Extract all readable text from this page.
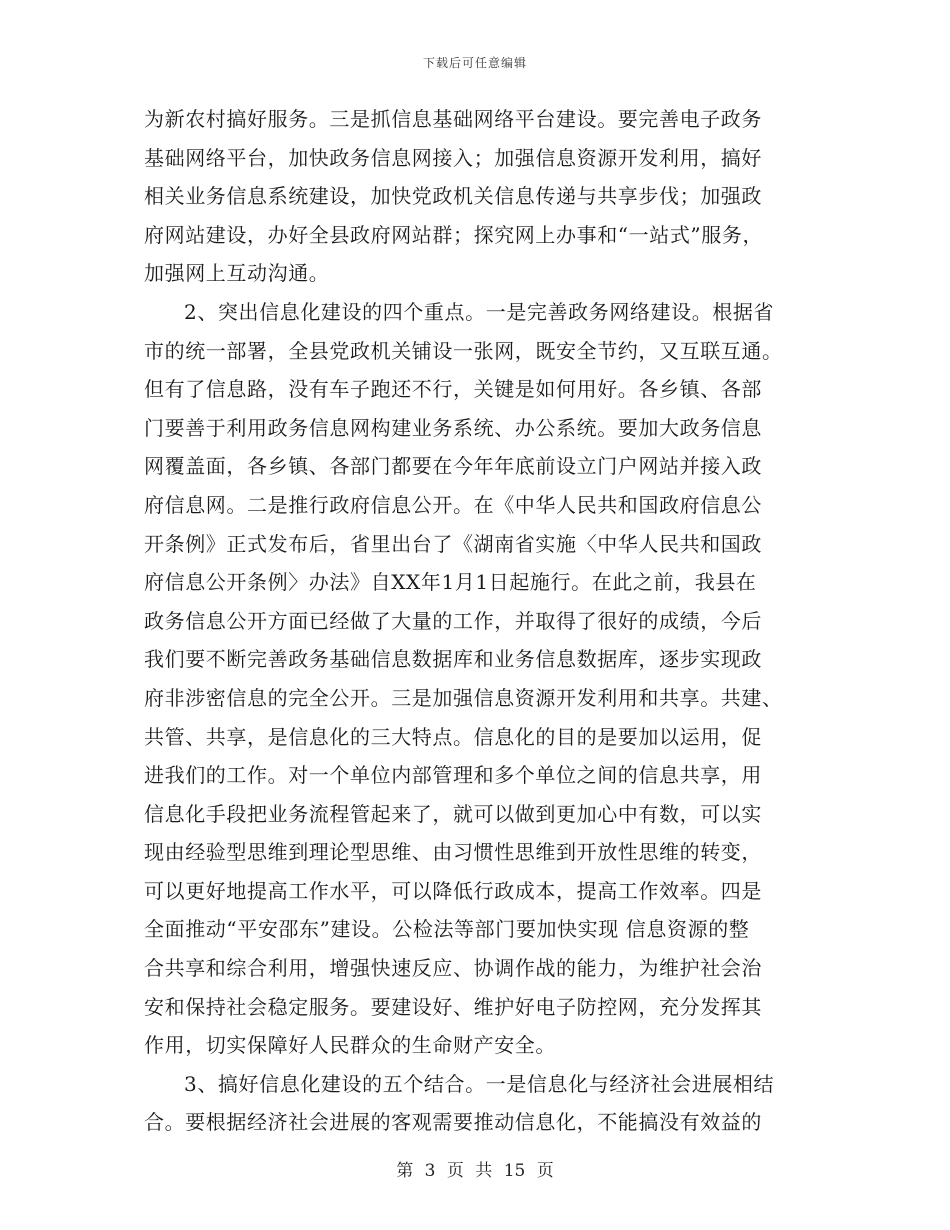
下载后可任意编辑
为新农村搞好服务。三是抓信息基础网络平台建设。要完善电子政务
基础网络平台，加快政务信息网接入；加强信息资源开发利用，搞好
相关业务信息系统建设，加快党政机关信息传递与共享步伐；加强政
府网站建设，办好全县政府网站群；探究网上办事和“一站式”服务，
加强网上互动沟通。
2、突出信息化建设的四个重点。一是完善政务网络建设。根据省
市的统一部署，全县党政机关铺设一张网，既安全节约，又互联互通。
但有了信息路，没有车子跑还不行，关键是如何用好。各乡镇、各部
门要善于利用政务信息网构建业务系统、办公系统。要加大政务信息
网覆盖面，各乡镇、各部门都要在今年年底前设立门户网站并接入政
府信息网。二是推行政府信息公开。在《中华人民共和国政府信息公
开条例》正式发布后，省里出台了《湖南省实施〈中华人民共和国政
府信息公开条例〉办法》自XX年1月1日起施行。在此之前，我县在
政务信息公开方面已经做了大量的工作，并取得了很好的成绩，今后
我们要不断完善政务基础信息数据库和业务信息数据库，逐步实现政
府非涉密信息的完全公开。三是加强信息资源开发利用和共享。共建、
共管、共享，是信息化的三大特点。信息化的目的是要加以运用，促
进我们的工作。对一个单位内部管理和多个单位之间的信息共享，用
信息化手段把业务流程管起来了，就可以做到更加心中有数，可以实
现由经验型思维到理论型思维、由习惯性思维到开放性思维的转变，
可以更好地提高工作水平，可以降低行政成本，提高工作效率。四是
全面推动“平安邵东”建设。公检法等部门要加快实现 信息资源的整
合共享和综合利用，增强快速反应、协调作战的能力，为维护社会治
安和保持社会稳定服务。要建设好、维护好电子防控网，充分发挥其
作用，切实保障好人民群众的生命财产安全。
3、搞好信息化建设的五个结合。一是信息化与经济社会进展相结
合。要根据经济社会进展的客观需要推动信息化，不能搞没有效益的
第 3 页 共 15 页
